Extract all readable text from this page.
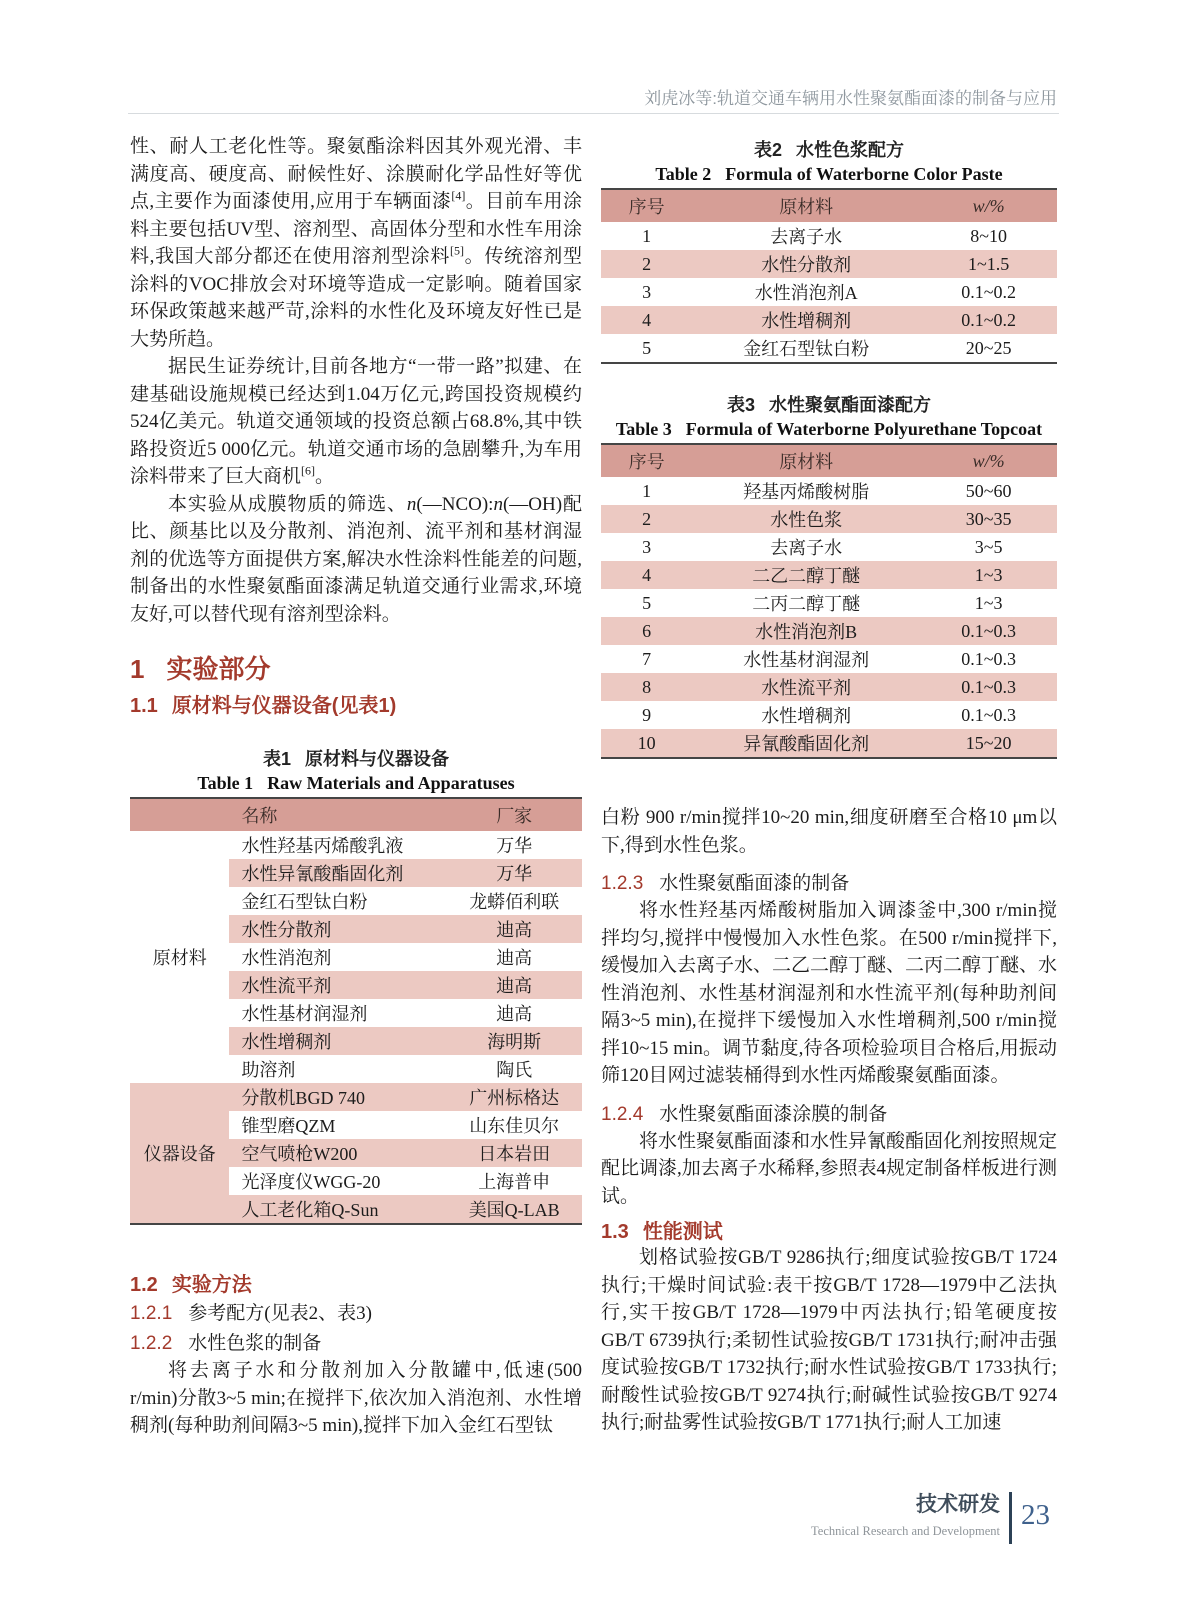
刘虎冰等:轨道交通车辆用水性聚氨酯面漆的制备与应用

性、耐人工老化性等。聚氨酯涂料因其外观光滑、丰满度高、硬度高、耐候性好、涂膜耐化学品性好等优点,主要作为面漆使用,应用于车辆面漆[4]。目前车用涂料主要包括UV型、溶剂型、高固体分型和水性车用涂料,我国大部分都还在使用溶剂型涂料[5]。传统溶剂型涂料的VOC排放会对环境等造成一定影响。随着国家环保政策越来越严苛,涂料的水性化及环境友好性已是大势所趋。

据民生证券统计,目前各地方“一带一路”拟建、在建基础设施规模已经达到1.04万亿元,跨国投资规模约524亿美元。轨道交通领域的投资总额占68.8%,其中铁路投资近5 000亿元。轨道交通市场的急剧攀升,为车用涂料带来了巨大商机[6]。

本实验从成膜物质的筛选、n(—NCO):n(—OH)配比、颜基比以及分散剂、消泡剂、流平剂和基材润湿剂的优选等方面提供方案,解决水性涂料性能差的问题,制备出的水性聚氨酯面漆满足轨道交通行业需求,环境友好,可以替代现有溶剂型涂料。

1 实验部分
1.1 原材料与仪器设备(见表1)
表1 原材料与仪器设备
Table 1 Raw Materials and Apparatuses
	名称	厂家
原材料	水性羟基丙烯酸乳液	万华
	水性异氰酸酯固化剂	万华
	金红石型钛白粉	龙蟒佰利联
	水性分散剂	迪高
	水性消泡剂	迪高
	水性流平剂	迪高
	水性基材润湿剂	迪高
	水性增稠剂	海明斯
	助溶剂	陶氏
仪器设备	分散机BGD 740	广州标格达
	锥型磨QZM	山东佳贝尔
	空气喷枪W200	日本岩田
	光泽度仪WGG-20	上海普申
	人工老化箱Q-Sun	美国Q-LAB
1.2 实验方法
1.2.1 参考配方(见表2、表3)
1.2.2 水性色浆的制备

将去离子水和分散剂加入分散罐中,低速(500 r/min)分散3~5 min;在搅拌下,依次加入消泡剂、水性增稠剂(每种助剂间隔3~5 min),搅拌下加入金红石型钛

表2 水性色浆配方
Table 2 Formula of Waterborne Color Paste
序号	原材料	w/%
1	去离子水	8~10
2	水性分散剂	1~1.5
3	水性消泡剂A	0.1~0.2
4	水性增稠剂	0.1~0.2
5	金红石型钛白粉	20~25
表3 水性聚氨酯面漆配方
Table 3 Formula of Waterborne Polyurethane Topcoat
序号	原材料	w/%
1	羟基丙烯酸树脂	50~60
2	水性色浆	30~35
3	去离子水	3~5
4	二乙二醇丁醚	1~3
5	二丙二醇丁醚	1~3
6	水性消泡剂B	0.1~0.3
7	水性基材润湿剂	0.1~0.3
8	水性流平剂	0.1~0.3
9	水性增稠剂	0.1~0.3
10	异氰酸酯固化剂	15~20

白粉 900 r/min搅拌10~20 min,细度研磨至合格10 μm以下,得到水性色浆。

1.2.3 水性聚氨酯面漆的制备

将水性羟基丙烯酸树脂加入调漆釜中,300 r/min搅拌均匀,搅拌中慢慢加入水性色浆。在500 r/min搅拌下,缓慢加入去离子水、二乙二醇丁醚、二丙二醇丁醚、水性消泡剂、水性基材润湿剂和水性流平剂(每种助剂间隔3~5 min),在搅拌下缓慢加入水性增稠剂,500 r/min搅拌10~15 min。调节黏度,待各项检验项目合格后,用振动筛120目网过滤装桶得到水性丙烯酸聚氨酯面漆。

1.2.4 水性聚氨酯面漆涂膜的制备

将水性聚氨酯面漆和水性异氰酸酯固化剂按照规定配比调漆,加去离子水稀释,参照表4规定制备样板进行测试。

1.3 性能测试

划格试验按GB/T 9286执行;细度试验按GB/T 1724执行;干燥时间试验:表干按GB/T 1728—1979中乙法执行,实干按GB/T 1728—1979中丙法执行;铅笔硬度按GB/T 6739执行;柔韧性试验按GB/T 1731执行;耐冲击强度试验按GB/T 1732执行;耐水性试验按GB/T 1733执行;耐酸性试验按GB/T 9274执行;耐碱性试验按GB/T 9274执行;耐盐雾性试验按GB/T 1771执行;耐人工加速

技术研发
Technical Research and Development 23
